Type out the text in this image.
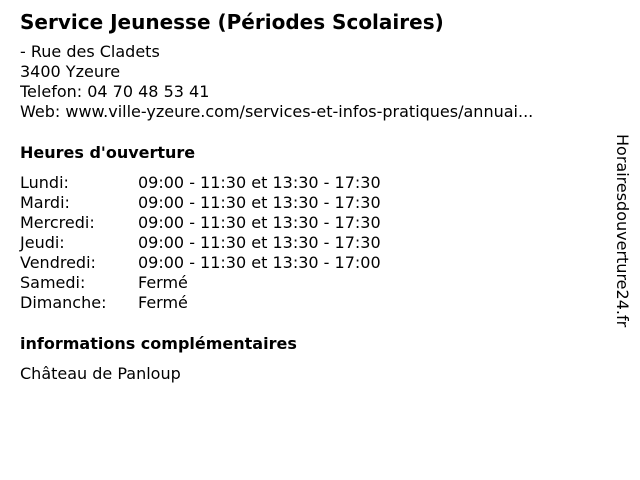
Service Jeunesse (Périodes Scolaires)
- Rue des Cladets
3400 Yzeure
Telefon: 04 70 48 53 41
Web: www.ville-yzeure.com/services-et-infos-pratiques/annuai...
Heures d'ouverture
Lundi:	09:00 - 11:30 et 13:30 - 17:30
Mardi:	09:00 - 11:30 et 13:30 - 17:30
Mercredi:	09:00 - 11:30 et 13:30 - 17:30
Jeudi:	09:00 - 11:30 et 13:30 - 17:30
Vendredi:	09:00 - 11:30 et 13:30 - 17:00
Samedi:	Fermé
Dimanche:	Fermé
informations complémentaires
Château de Panloup
Horairesdouverture24.fr
